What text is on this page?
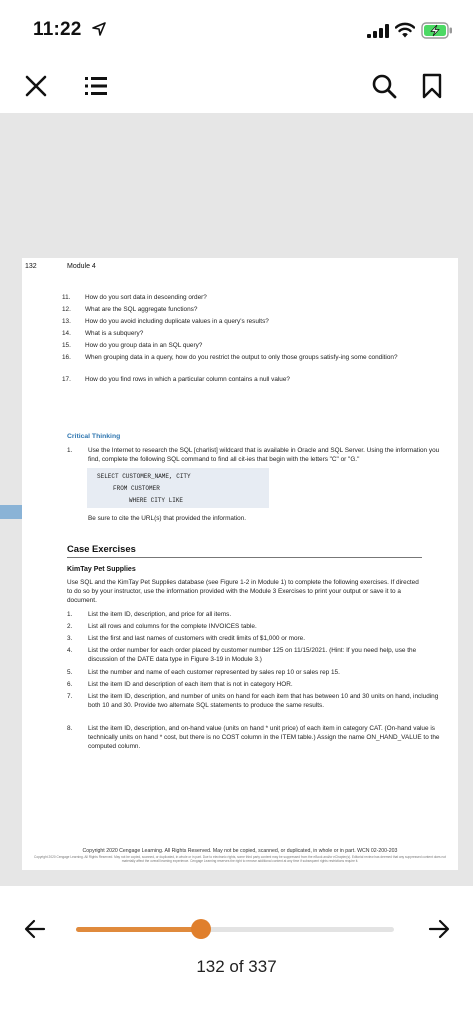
11:22
132	Module 4
11.	How do you sort data in descending order?
12.	What are the SQL aggregate functions?
13.	How do you avoid including duplicate values in a query's results?
14.	What is a subquery?
15.	How do you group data in an SQL query?
16.	When grouping data in a query, how do you restrict the output to only those groups satisfy-ing some condition?
17.	How do you find rows in which a particular column contains a null value?
Critical Thinking
1.	Use the Internet to research the SQL [charlist] wildcard that is available in Oracle and SQL Server. Using the information you find, complete the following SQL command to find all cit-ies that begin with the letters "C" or "G."
SELECT CUSTOMER_NAME, CITY
FROM CUSTOMER
WHERE CITY LIKE
Be sure to cite the URL(s) that provided the information.
Case Exercises
KimTay Pet Supplies
Use SQL and the KimTay Pet Supplies database (see Figure 1-2 in Module 1) to complete the following exercises. If directed to do so by your instructor, use the information provided with the Module 3 Exercises to print your output or save it to a document.
1.	List the item ID, description, and price for all items.
2.	List all rows and columns for the complete INVOICES table.
3.	List the first and last names of customers with credit limits of $1,000 or more.
4.	List the order number for each order placed by customer number 125 on 11/15/2021. (Hint: If you need help, use the discussion of the DATE data type in Figure 3-19 in Module 3.)
5.	List the number and name of each customer represented by sales rep 10 or sales rep 15.
6.	List the item ID and description of each item that is not in category HOR.
7.	List the item ID, description, and number of units on hand for each item that has between 10 and 30 units on hand, including both 10 and 30. Provide two alternate SQL statements to produce the same results.
8.	List the item ID, description, and on-hand value (units on hand * unit price) of each item in category CAT. (On-hand value is technically units on hand * cost, but there is no COST column in the ITEM table.) Assign the name ON_HAND_VALUE to the computed column.
Copyright 2020 Cengage Learning. All Rights Reserved. May not be copied, scanned, or duplicated, in whole or in part. WCN 02-200-203
Copyright 2020 Cengage Learning. All Rights Reserved. May not be copied, scanned, or duplicated, in whole or in part. Due to electronic rights, some third party content may be suppressed from the eBook and/or eChapter(s). Editorial review has deemed that any suppressed content does not materially affect the overall learning experience. Cengage Learning reserves the right to remove additional content at any time if subsequent rights restrictions require it.
132 of 337
